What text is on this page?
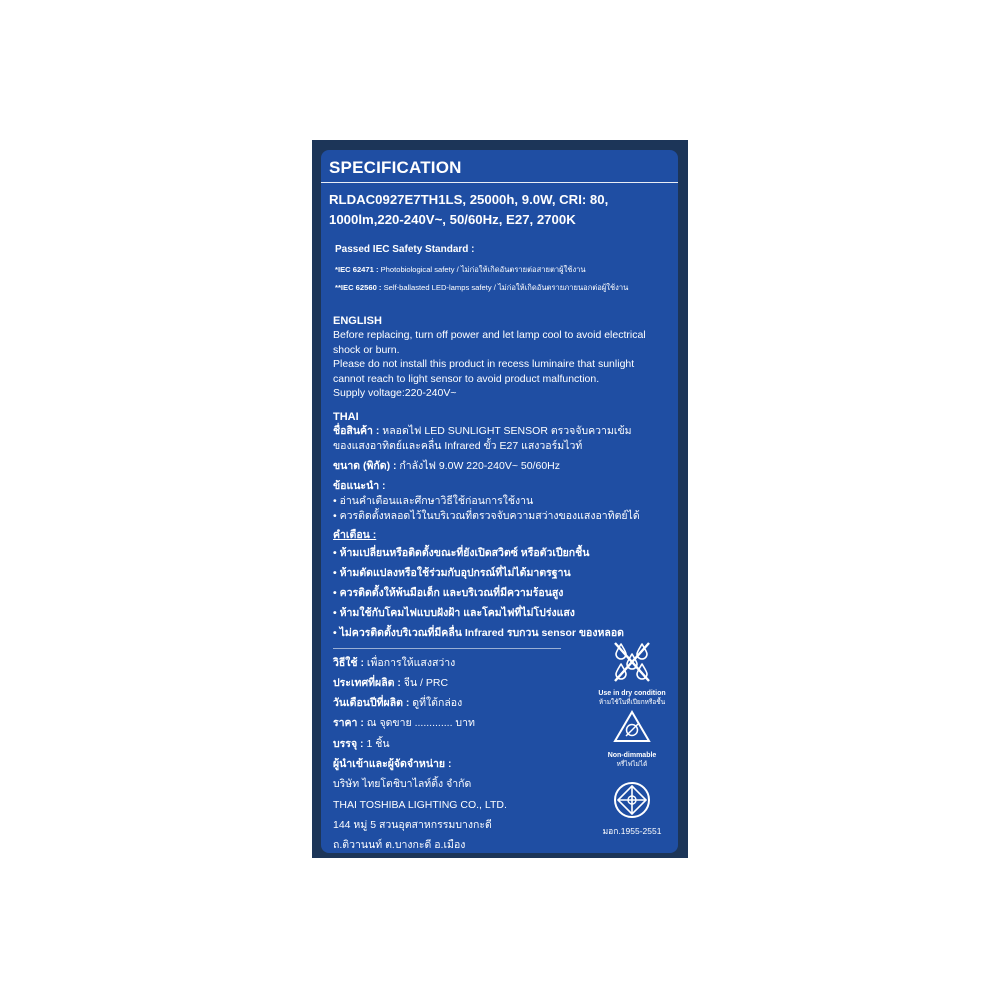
SPECIFICATION
RLDAC0927E7TH1LS, 25000h, 9.0W, CRI: 80,
1000lm,220-240V~, 50/60Hz, E27, 2700K
Passed IEC Safety Standard :
*IEC 62471 : Photobiological safety / ไม่ก่อให้เกิดอันตรายต่อสายตาผู้ใช้งาน
**IEC 62560 : Self-ballasted LED-lamps safety / ไม่ก่อให้เกิดอันตรายภายนอกต่อผู้ใช้งาน
ENGLISH
Before replacing, turn off power and let lamp cool to avoid electrical
shock or burn.
Please do not install this product in recess luminaire that sunlight
cannot reach to light sensor to avoid product malfunction.
Supply voltage:220-240V~
THAI
ชื่อสินค้า : หลอดไฟ LED SUNLIGHT SENSOR ตรวจจับความเข้ม
ของแสงอาทิตย์และคลื่น Infrared ขั้ว E27 แสงวอร์มไวท์
ขนาด (พิกัด) : กำลังไฟ 9.0W 220-240V~ 50/60Hz
ข้อแนะนำ :
• อ่านคำเตือนและศึกษาวิธีใช้ก่อนการใช้งาน
• ควรติดตั้งหลอดไว้ในบริเวณที่ตรวจจับความสว่างของแสงอาทิตย์ได้
คำเตือน :
• ห้ามเปลี่ยนหรือติดตั้งขณะที่ยังเปิดสวิตซ์ หรือตัวเปียกชื้น
• ห้ามดัดแปลงหรือใช้ร่วมกับอุปกรณ์ที่ไม่ได้มาตรฐาน
• ควรติดตั้งให้พ้นมือเด็ก และบริเวณที่มีความร้อนสูง
• ห้ามใช้กับโคมไฟแบบฝังฝ้า และโคมไฟที่ไม่โปร่งแสง
• ไม่ควรติดตั้งบริเวณที่มีคลื่น Infrared รบกวน sensor ของหลอด
วิธีใช้ : เพื่อการให้แสงสว่าง
ประเทศที่ผลิต : จีน / PRC
วันเดือนปีที่ผลิต : ดูที่ใต้กล่อง
ราคา : ณ จุดขาย ............. บาท
บรรจุ : 1 ชิ้น
ผู้นำเข้าและผู้จัดจำหน่าย :
บริษัท ไทยโตชิบาไลท์ติ้ง จำกัด
THAI TOSHIBA LIGHTING CO., LTD.
144 หมู่ 5 สวนอุตสาหกรรมบางกะดี
ถ.ติวานนท์ ต.บางกะดี อ.เมือง
จ.ปทุมธานี 12000
Use in dry condition
ห้ามใช้ในที่เปียกหรือชื้น
Non-dimmable
หรี่ไฟไม่ได้
มอก.1955-2551
